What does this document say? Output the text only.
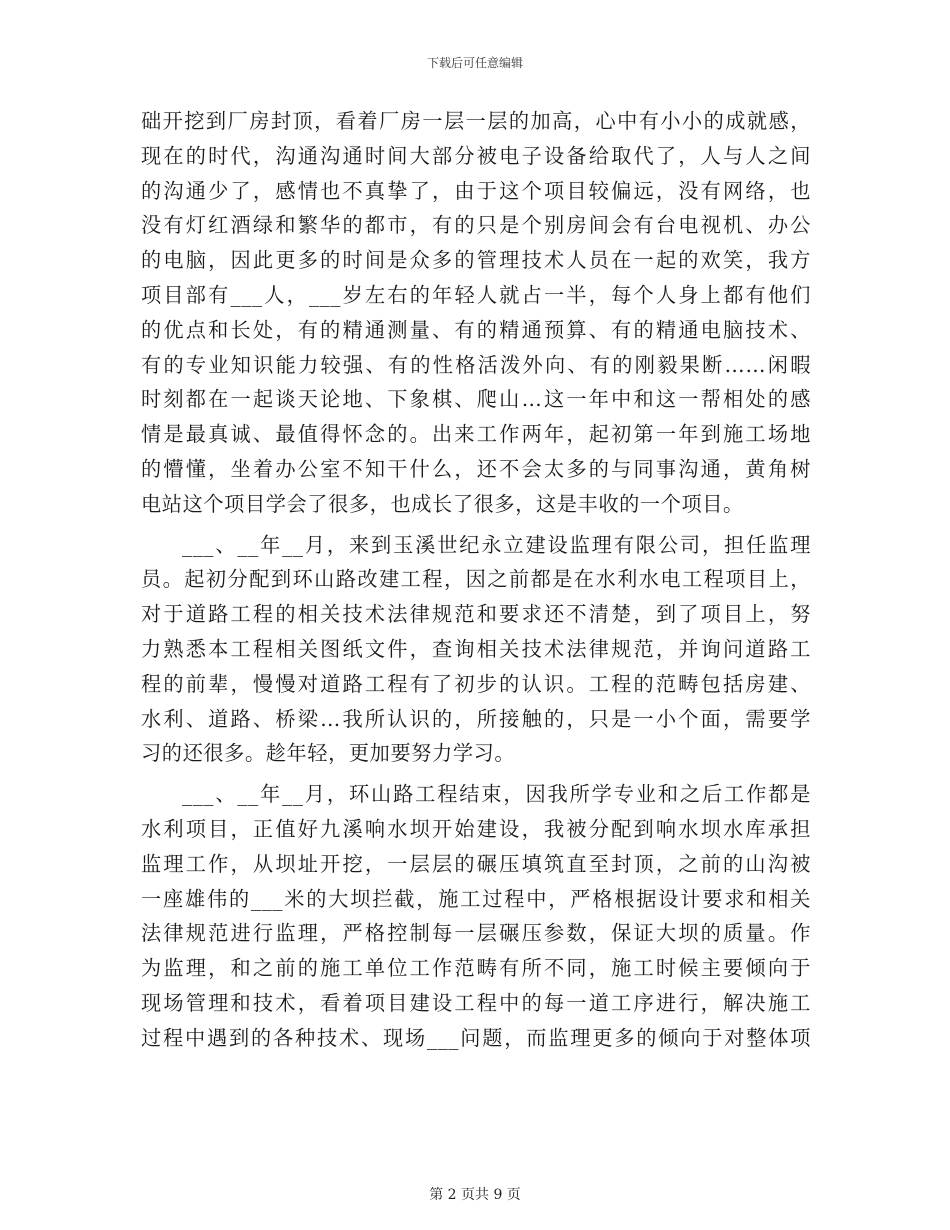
下载后可任意编辑
础开挖到厂房封顶，看着厂房一层一层的加高，心中有小小的成就感，
现在的时代，沟通沟通时间大部分被电子设备给取代了，人与人之间
的沟通少了，感情也不真挚了，由于这个项目较偏远，没有网络，也
没有灯红酒绿和繁华的都市，有的只是个别房间会有台电视机、办公
的电脑，因此更多的时间是众多的管理技术人员在一起的欢笑，我方
项目部有___人，___岁左右的年轻人就占一半，每个人身上都有他们
的优点和长处，有的精通测量、有的精通预算、有的精通电脑技术、
有的专业知识能力较强、有的性格活泼外向、有的刚毅果断……闲暇
时刻都在一起谈天论地、下象棋、爬山…这一年中和这一帮相处的感
情是最真诚、最值得怀念的。出来工作两年，起初第一年到施工场地
的懵懂，坐着办公室不知干什么，还不会太多的与同事沟通，黄角树
电站这个项目学会了很多，也成长了很多，这是丰收的一个项目。
___、__年__月，来到玉溪世纪永立建设监理有限公司，担任监理
员。起初分配到环山路改建工程，因之前都是在水利水电工程项目上，
对于道路工程的相关技术法律规范和要求还不清楚，到了项目上，努
力熟悉本工程相关图纸文件，查询相关技术法律规范，并询问道路工
程的前辈，慢慢对道路工程有了初步的认识。工程的范畴包括房建、
水利、道路、桥梁…我所认识的，所接触的，只是一小个面，需要学
习的还很多。趁年轻，更加要努力学习。
___、__年__月，环山路工程结束，因我所学专业和之后工作都是
水利项目，正值好九溪响水坝开始建设，我被分配到响水坝水库承担
监理工作，从坝址开挖，一层层的碾压填筑直至封顶，之前的山沟被
一座雄伟的___米的大坝拦截，施工过程中，严格根据设计要求和相关
法律规范进行监理，严格控制每一层碾压参数，保证大坝的质量。作
为监理，和之前的施工单位工作范畴有所不同，施工时候主要倾向于
现场管理和技术，看着项目建设工程中的每一道工序进行，解决施工
过程中遇到的各种技术、现场___问题，而监理更多的倾向于对整体项
第 2 页共 9 页
